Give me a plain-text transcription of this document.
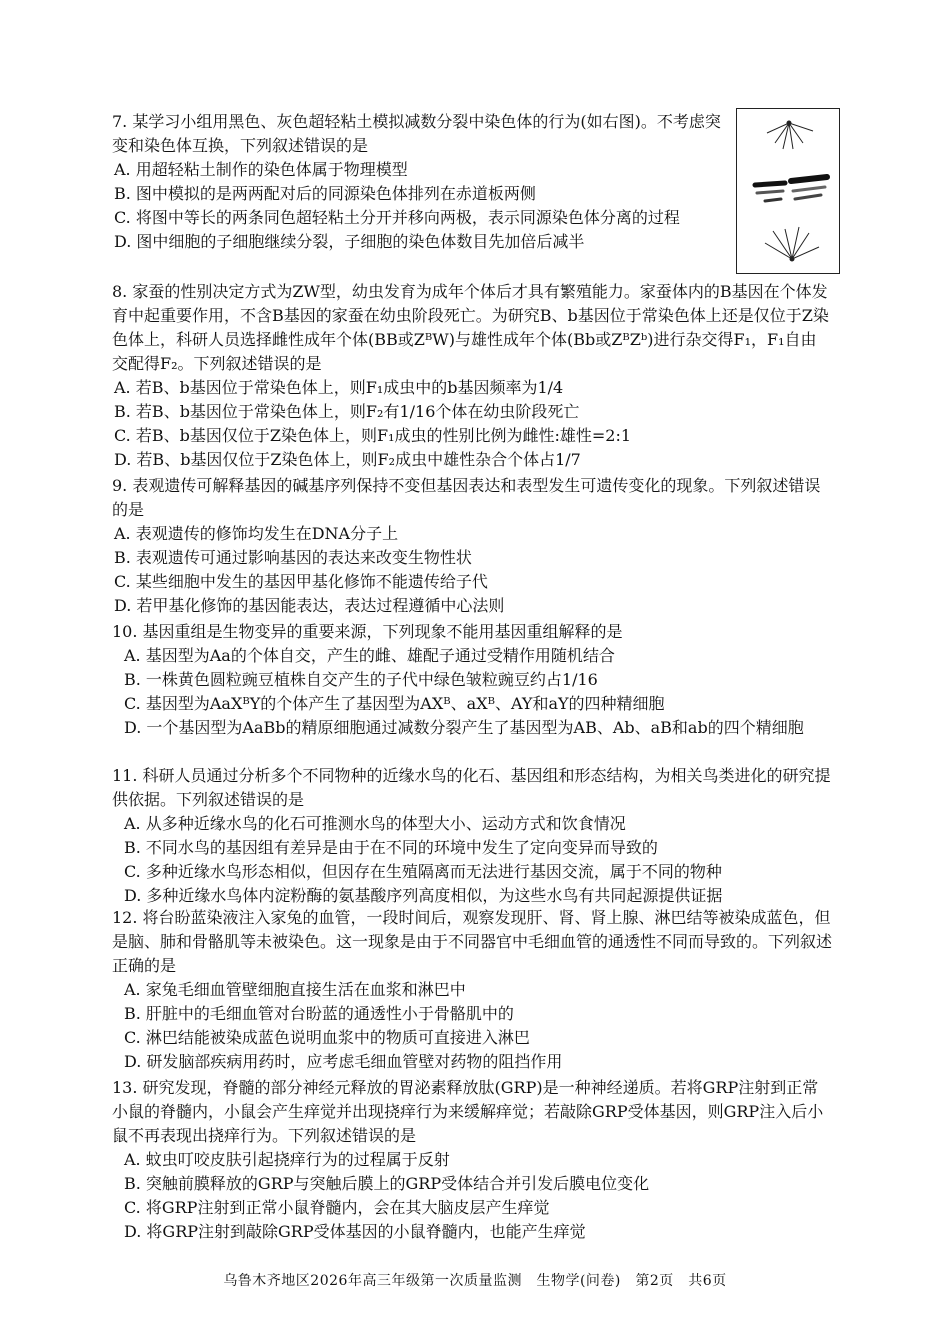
7. 某学习小组用黑色、灰色超轻粘土模拟减数分裂中染色体的行为(如右图)。不考虑突变和染色体互换，下列叙述错误的是

A. 用超轻粘土制作的染色体属于物理模型

B. 图中模拟的是两两配对后的同源染色体排列在赤道板两侧

C. 将图中等长的两条同色超轻粘土分开并移向两极，表示同源染色体分离的过程

D. 图中细胞的子细胞继续分裂，子细胞的染色体数目先加倍后减半

8. 家蚕的性别决定方式为ZW型，幼虫发育为成年个体后才具有繁殖能力。家蚕体内的B基因在个体发育中起重要作用，不含B基因的家蚕在幼虫阶段死亡。为研究B、b基因位于常染色体上还是仅位于Z染色体上，科研人员选择雌性成年个体(BB或ZᴮW)与雄性成年个体(Bb或ZᴮZᵇ)进行杂交得F₁，F₁自由交配得F₂。下列叙述错误的是

A. 若B、b基因位于常染色体上，则F₁成虫中的b基因频率为1/4

B. 若B、b基因位于常染色体上，则F₂有1/16个体在幼虫阶段死亡

C. 若B、b基因仅位于Z染色体上，则F₁成虫的性别比例为雌性:雄性=2:1

D. 若B、b基因仅位于Z染色体上，则F₂成虫中雄性杂合个体占1/7

9. 表观遗传可解释基因的碱基序列保持不变但基因表达和表型发生可遗传变化的现象。下列叙述错误的是

A. 表观遗传的修饰均发生在DNA分子上

B. 表观遗传可通过影响基因的表达来改变生物性状

C. 某些细胞中发生的基因甲基化修饰不能遗传给子代

D. 若甲基化修饰的基因能表达，表达过程遵循中心法则

10. 基因重组是生物变异的重要来源，下列现象不能用基因重组解释的是

A. 基因型为Aa的个体自交，产生的雌、雄配子通过受精作用随机结合

B. 一株黄色圆粒豌豆植株自交产生的子代中绿色皱粒豌豆约占1/16

C. 基因型为AaXᴮY的个体产生了基因型为AXᴮ、aXᴮ、AY和aY的四种精细胞

D. 一个基因型为AaBb的精原细胞通过减数分裂产生了基因型为AB、Ab、aB和ab的四个精细胞

11. 科研人员通过分析多个不同物种的近缘水鸟的化石、基因组和形态结构，为相关鸟类进化的研究提供依据。下列叙述错误的是

A. 从多种近缘水鸟的化石可推测水鸟的体型大小、运动方式和饮食情况

B. 不同水鸟的基因组有差异是由于在不同的环境中发生了定向变异而导致的

C. 多种近缘水鸟形态相似，但因存在生殖隔离而无法进行基因交流，属于不同的物种

D. 多种近缘水鸟体内淀粉酶的氨基酸序列高度相似，为这些水鸟有共同起源提供证据

12. 将台盼蓝染液注入家兔的血管，一段时间后，观察发现肝、肾、肾上腺、淋巴结等被染成蓝色，但是脑、肺和骨骼肌等未被染色。这一现象是由于不同器官中毛细血管的通透性不同而导致的。下列叙述正确的是

A. 家兔毛细血管壁细胞直接生活在血浆和淋巴中

B. 肝脏中的毛细血管对台盼蓝的通透性小于骨骼肌中的

C. 淋巴结能被染成蓝色说明血浆中的物质可直接进入淋巴

D. 研发脑部疾病用药时，应考虑毛细血管壁对药物的阻挡作用

13. 研究发现，脊髓的部分神经元释放的胃泌素释放肽(GRP)是一种神经递质。若将GRP注射到正常小鼠的脊髓内，小鼠会产生痒觉并出现挠痒行为来缓解痒觉；若敲除GRP受体基因，则GRP注入后小鼠不再表现出挠痒行为。下列叙述错误的是

A. 蚊虫叮咬皮肤引起挠痒行为的过程属于反射

B. 突触前膜释放的GRP与突触后膜上的GRP受体结合并引发后膜电位变化

C. 将GRP注射到正常小鼠脊髓内，会在其大脑皮层产生痒觉

D. 将GRP注射到敲除GRP受体基因的小鼠脊髓内，也能产生痒觉

乌鲁木齐地区2026年高三年级第一次质量监测　生物学(问卷)　第2页　共6页
